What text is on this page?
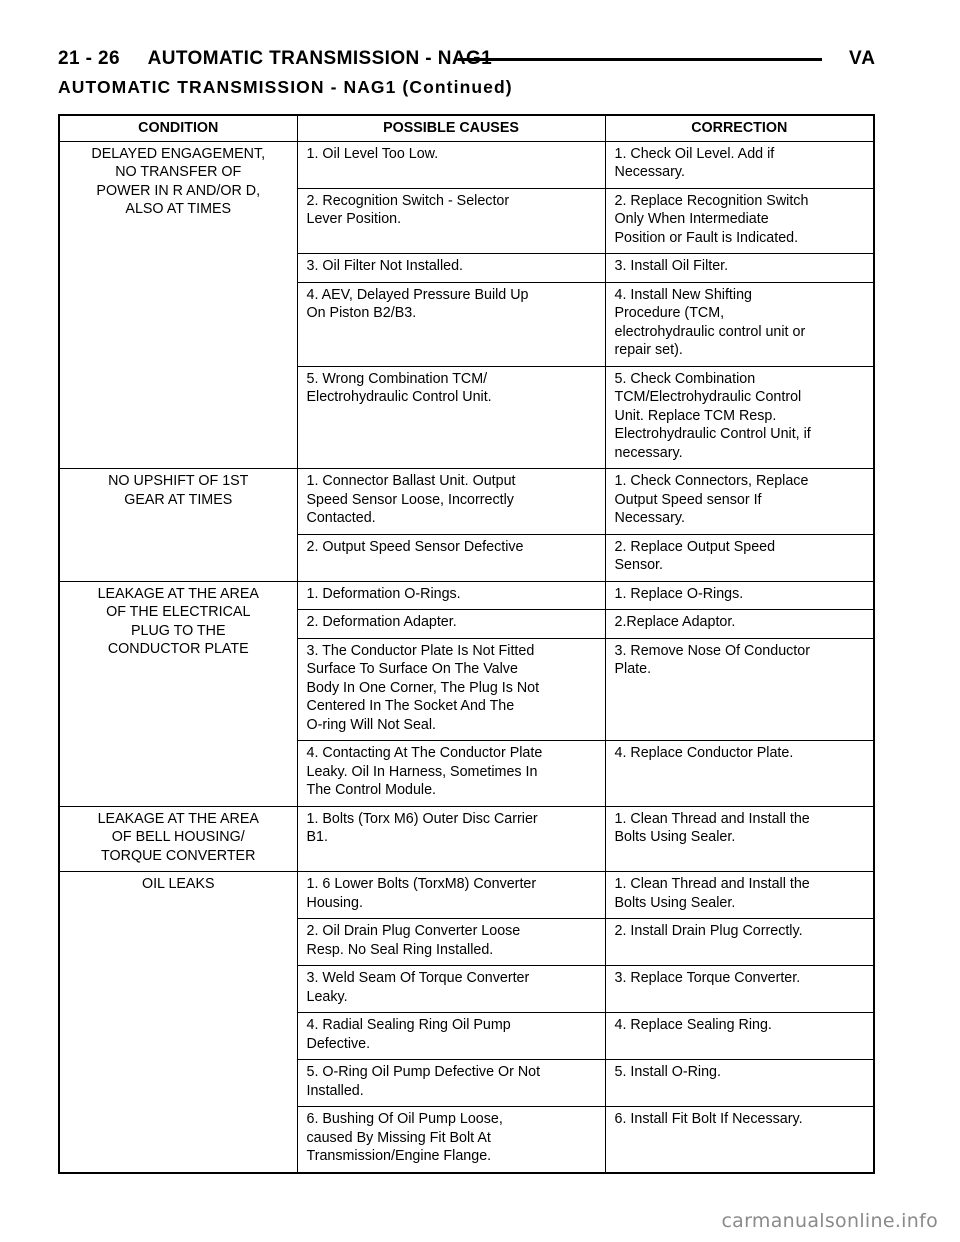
21 - 26     AUTOMATIC TRANSMISSION - NAG1	VA
AUTOMATIC TRANSMISSION - NAG1 (Continued)
CONDITION	POSSIBLE CAUSES	CORRECTION

DELAYED ENGAGEMENT,
NO TRANSFER OF
POWER IN R AND/OR D,
ALSO AT TIMES	1. Oil Level Too Low.	1. Check Oil Level. Add if
Necessary.

	2. Recognition Switch - Selector
Lever Position.	2. Replace Recognition Switch
Only When Intermediate
Position or Fault is Indicated.

	3. Oil Filter Not Installed.	3. Install Oil Filter.

	4. AEV, Delayed Pressure Build Up
On Piston B2/B3.	4. Install New Shifting
Procedure (TCM,
electrohydraulic control unit or
repair set).

	5. Wrong Combination TCM/
Electrohydraulic Control Unit.	5. Check Combination
TCM/Electrohydraulic Control
Unit. Replace TCM Resp.
Electrohydraulic Control Unit, if
necessary.

NO UPSHIFT OF 1ST
GEAR AT TIMES	1. Connector Ballast Unit. Output
Speed Sensor Loose, Incorrectly
Contacted.	1. Check Connectors, Replace
Output Speed sensor If
Necessary.

	2. Output Speed Sensor Defective	2. Replace Output Speed
Sensor.

LEAKAGE AT THE AREA
OF THE ELECTRICAL
PLUG TO THE
CONDUCTOR PLATE	1. Deformation O-Rings.	1. Replace O-Rings.

	2. Deformation Adapter.	2.Replace Adaptor.

	3. The Conductor Plate Is Not Fitted
Surface To Surface On The Valve
Body In One Corner, The Plug Is Not
Centered In The Socket And The
O-ring Will Not Seal.	3. Remove Nose Of Conductor
Plate.

	4. Contacting At The Conductor Plate
Leaky. Oil In Harness, Sometimes In
The Control Module.	4. Replace Conductor Plate.

LEAKAGE AT THE AREA
OF BELL HOUSING/
TORQUE CONVERTER	1. Bolts (Torx M6) Outer Disc Carrier
B1.	1. Clean Thread and Install the
Bolts Using Sealer.

OIL LEAKS	1. 6 Lower Bolts (TorxM8) Converter
Housing.	1. Clean Thread and Install the
Bolts Using Sealer.

	2. Oil Drain Plug Converter Loose
Resp. No Seal Ring Installed.	2. Install Drain Plug Correctly.

	3. Weld Seam Of Torque Converter
Leaky.	3. Replace Torque Converter.

	4. Radial Sealing Ring Oil Pump
Defective.	4. Replace Sealing Ring.

	5. O-Ring Oil Pump Defective Or Not
Installed.	5. Install O-Ring.

	6. Bushing Of Oil Pump Loose,
caused By Missing Fit Bolt At
Transmission/Engine Flange.	6. Install Fit Bolt If Necessary.
carmanualsonline.info
